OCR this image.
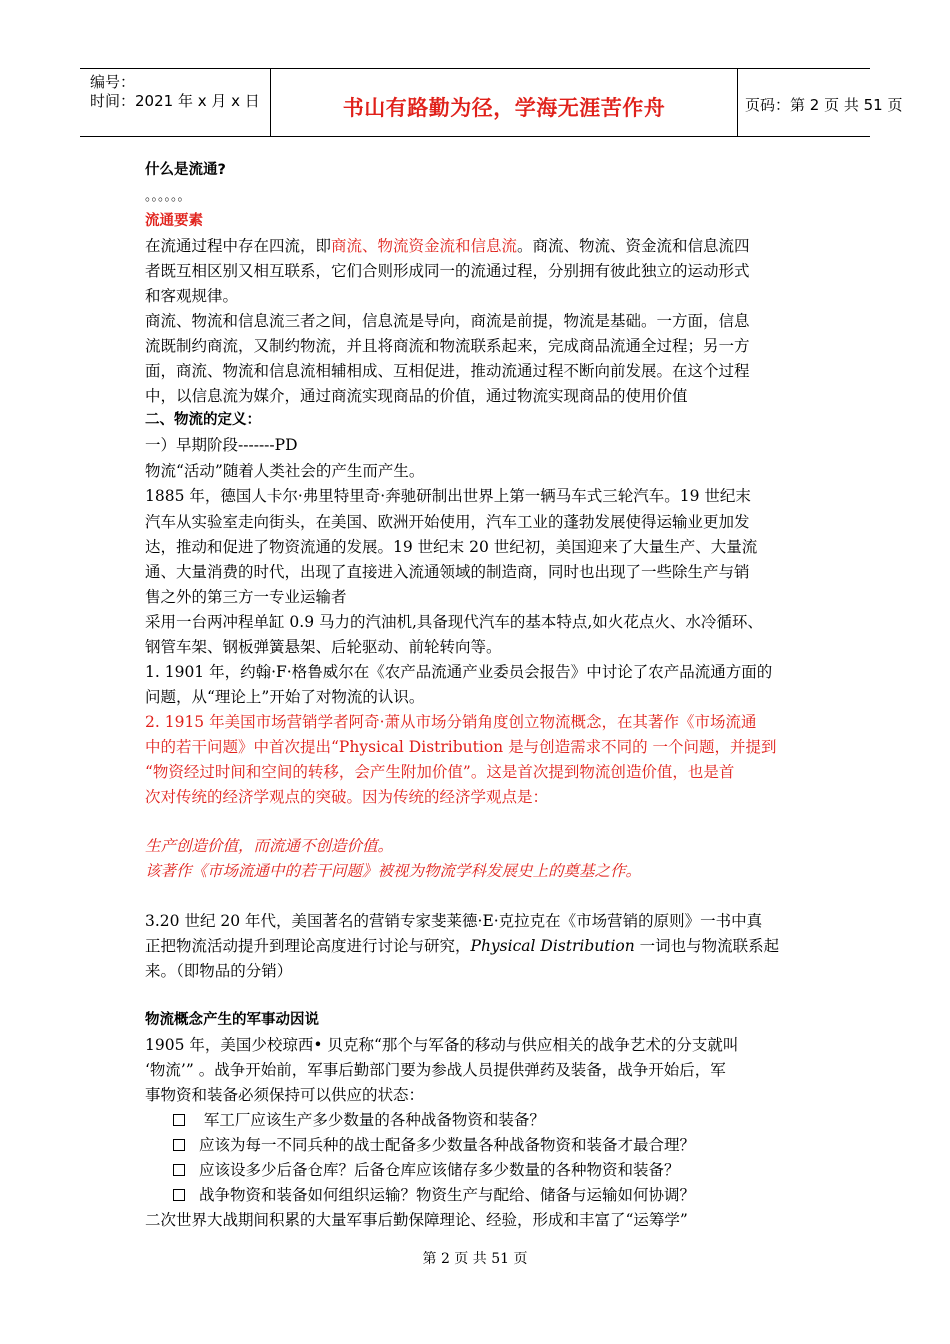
编号：
时间：2021 年 x 月 x 日	书山有路勤为径，学海无涯苦作舟	页码：第 2 页 共 51 页
什么是流通?
。。。。。。
流通要素
在流通过程中存在四流，即商流、物流资金流和信息流。商流、物流、资金流和信息流四
者既互相区别又相互联系，它们合则形成同一的流通过程，分别拥有彼此独立的运动形式
和客观规律。
商流、物流和信息流三者之间，信息流是导向，商流是前提，物流是基础。一方面，信息
流既制约商流，又制约物流，并且将商流和物流联系起来，完成商品流通全过程；另一方
面，商流、物流和信息流相辅相成、互相促进，推动流通过程不断向前发展。在这个过程
中，以信息流为媒介，通过商流实现商品的价值，通过物流实现商品的使用价值
二、物流的定义：
一）早期阶段-------PD
物流“活动”随着人类社会的产生而产生。
1885 年，德国人卡尔·弗里特里奇·奔驰研制出世界上第一辆马车式三轮汽车。19 世纪末
汽车从实验室走向街头，在美国、欧洲开始使用，汽车工业的蓬勃发展使得运输业更加发
达，推动和促进了物资流通的发展。19 世纪末 20 世纪初，美国迎来了大量生产、大量流
通、大量消费的时代，出现了直接进入流通领域的制造商，同时也出现了一些除生产与销
售之外的第三方一专业运输者
采用一台两冲程单缸 0.9 马力的汽油机,具备现代汽车的基本特点,如火花点火、水冷循环、
钢管车架、钢板弹簧悬架、后轮驱动、前轮转向等。
1. 1901 年，约翰·F·格鲁威尔在《农产品流通产业委员会报告》中讨论了农产品流通方面的
问题，从“理论上”开始了对物流的认识。
2. 1915 年美国市场营销学者阿奇·萧从市场分销角度创立物流概念，在其著作《市场流通
中的若干问题》中首次提出“Physical Distribution 是与创造需求不同的 一个问题，并提到
“物资经过时间和空间的转移，会产生附加价值”。这是首次提到物流创造价值，也是首
次对传统的经济学观点的突破。因为传统的经济学观点是：
生产创造价值，而流通不创造价值。
该著作《市场流通中的若干问题》被视为物流学科发展史上的奠基之作。
3.20 世纪 20 年代，美国著名的营销专家斐莱德·E·克拉克在《市场营销的原则》一书中真
正把物流活动提升到理论高度进行讨论与研究，Physical Distribution 一词也与物流联系起
来。（即物品的分销）
物流概念产生的军事动因说
1905 年，美国少校琼西• 贝克称“那个与军备的移动与供应相关的战争艺术的分支就叫
‘物流’” 。战争开始前，军事后勤部门要为参战人员提供弹药及装备，战争开始后，军
事物资和装备必须保持可以供应的状态：
军工厂应该生产多少数量的各种战备物资和装备？
应该为每一不同兵种的战士配备多少数量各种战备物资和装备才最合理？
应该设多少后备仓库？后备仓库应该储存多少数量的各种物资和装备？
战争物资和装备如何组织运输？物资生产与配给、储备与运输如何协调？
二次世界大战期间积累的大量军事后勤保障理论、经验，形成和丰富了“运筹学”
第 2 页 共 51 页
